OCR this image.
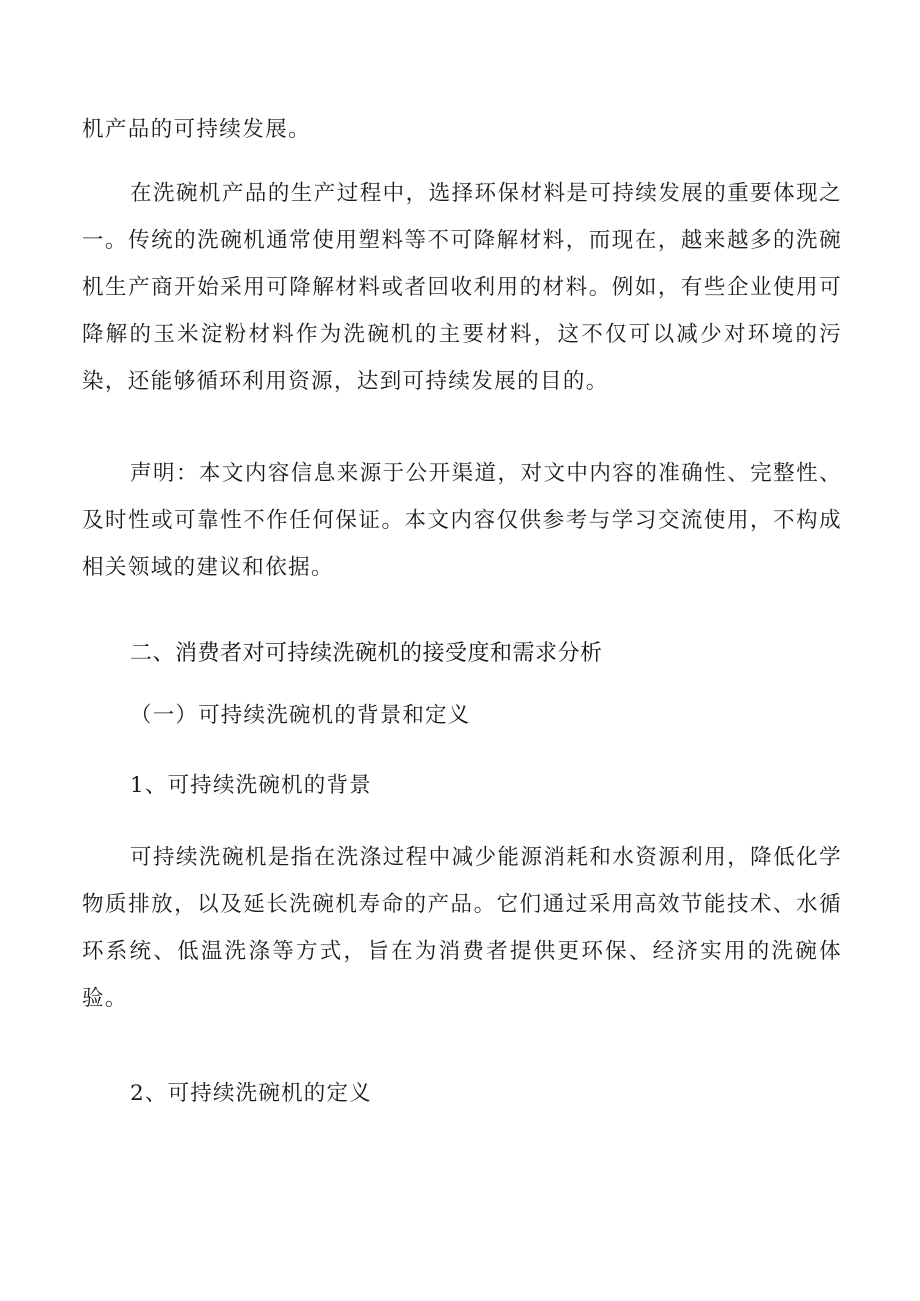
机产品的可持续发展。

在洗碗机产品的生产过程中，选择环保材料是可持续发展的重要体现之一。传统的洗碗机通常使用塑料等不可降解材料，而现在，越来越多的洗碗机生产商开始采用可降解材料或者回收利用的材料。例如，有些企业使用可降解的玉米淀粉材料作为洗碗机的主要材料，这不仅可以减少对环境的污染，还能够循环利用资源，达到可持续发展的目的。

声明：本文内容信息来源于公开渠道，对文中内容的准确性、完整性、及时性或可靠性不作任何保证。本文内容仅供参考与学习交流使用，不构成相关领域的建议和依据。

二、消费者对可持续洗碗机的接受度和需求分析
（一）可持续洗碗机的背景和定义
1、可持续洗碗机的背景

可持续洗碗机是指在洗涤过程中减少能源消耗和水资源利用，降低化学物质排放，以及延长洗碗机寿命的产品。它们通过采用高效节能技术、水循环系统、低温洗涤等方式，旨在为消费者提供更环保、经济实用的洗碗体验。

2、可持续洗碗机的定义
